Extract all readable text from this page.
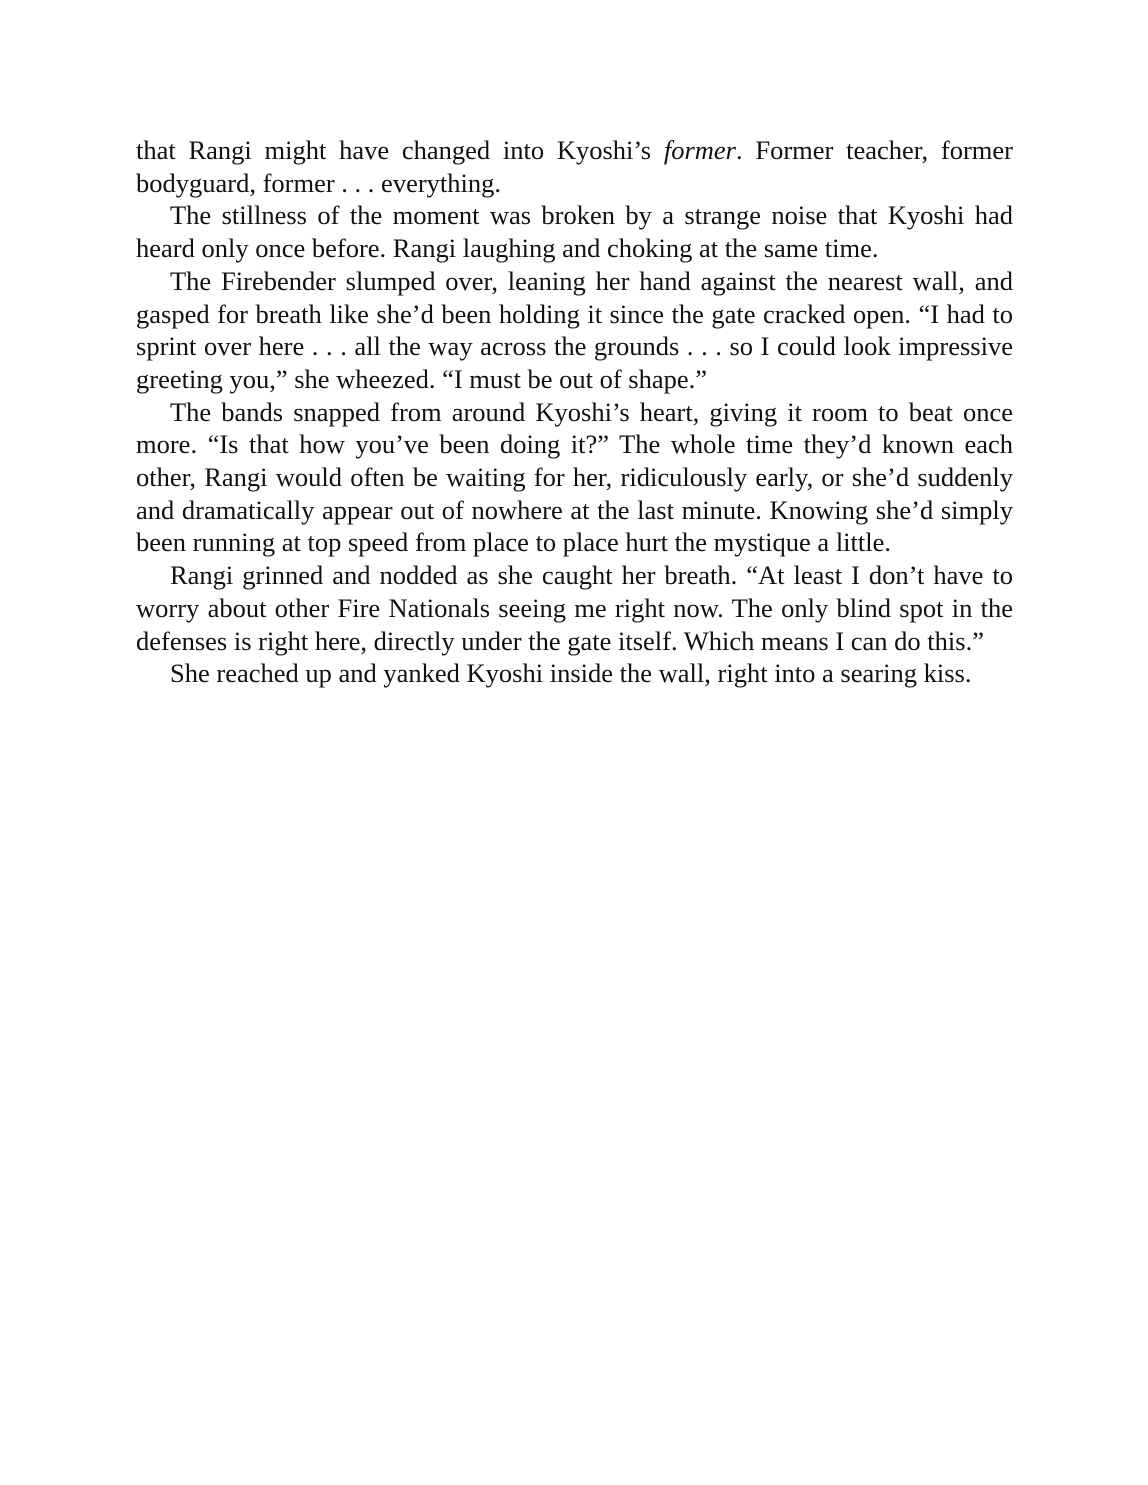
that Rangi might have changed into Kyoshi’s former. Former teacher, former bodyguard, former . . . everything.

The stillness of the moment was broken by a strange noise that Kyoshi had heard only once before. Rangi laughing and choking at the same time.

The Firebender slumped over, leaning her hand against the nearest wall, and gasped for breath like she’d been holding it since the gate cracked open. “I had to sprint over here . . . all the way across the grounds . . . so I could look impressive greeting you,” she wheezed. “I must be out of shape.”

The bands snapped from around Kyoshi’s heart, giving it room to beat once more. “Is that how you’ve been doing it?” The whole time they’d known each other, Rangi would often be waiting for her, ridiculously early, or she’d suddenly and dramatically appear out of nowhere at the last minute. Knowing she’d simply been running at top speed from place to place hurt the mystique a little.

Rangi grinned and nodded as she caught her breath. “At least I don’t have to worry about other Fire Nationals seeing me right now. The only blind spot in the defenses is right here, directly under the gate itself. Which means I can do this.”

She reached up and yanked Kyoshi inside the wall, right into a searing kiss.
